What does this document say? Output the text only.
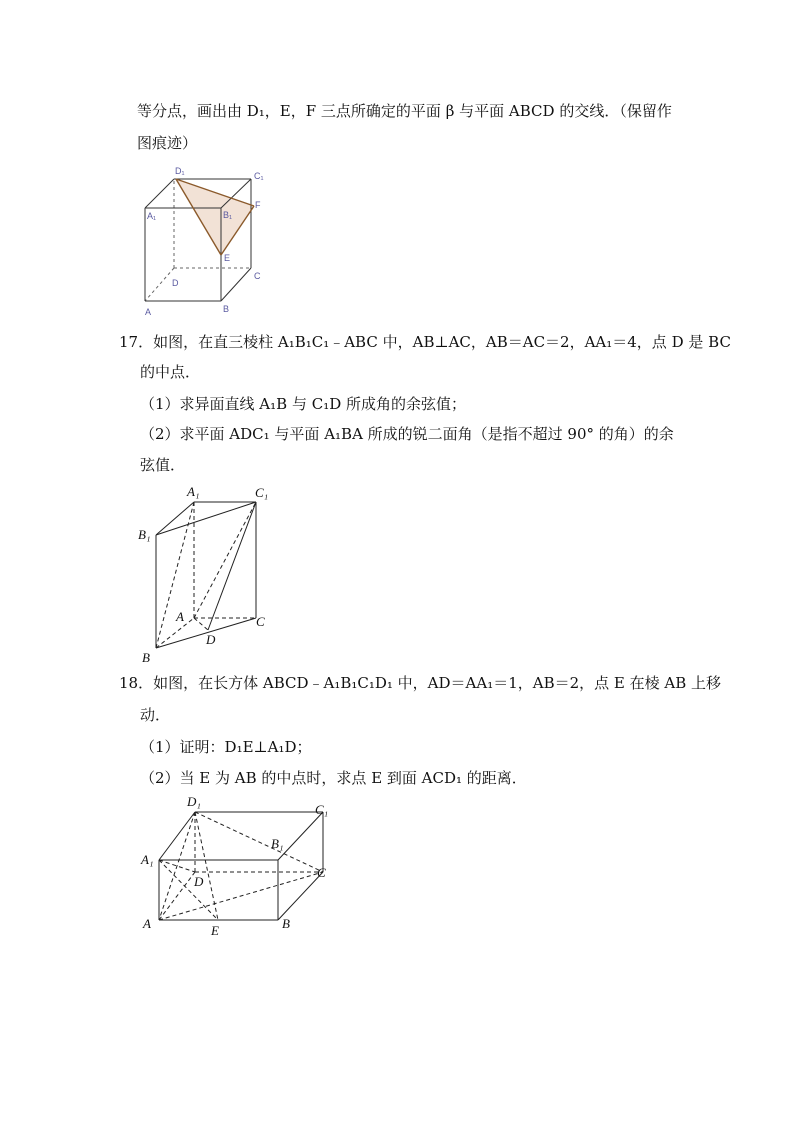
等分点，画出由 D₁，E，F 三点所确定的平面 β 与平面 ABCD 的交线．（保留作
图痕迹）
D₁	C₁
A₁	B₁
F
E
C
D
A	B
17．如图，在直三棱柱 A₁B₁C₁﹣ABC 中，AB⊥AC，AB＝AC＝2，AA₁＝4，点 D 是 BC
的中点．
（1）求异面直线 A₁B 与 C₁D 所成角的余弦值；
（2）求平面 ADC₁ 与平面 A₁BA 所成的锐二面角（是指不超过 90° 的角）的余
弦值．
A₁	C₁
B₁
A	C
D
B
18．如图，在长方体 ABCD﹣A₁B₁C₁D₁ 中，AD＝AA₁＝1，AB＝2，点 E 在棱 AB 上移
动．
（1）证明：D₁E⊥A₁D；
（2）当 E 为 AB 的中点时，求点 E 到面 ACD₁ 的距离．
D₁
C₁
B₁
A₁
D
C
A	E	B
